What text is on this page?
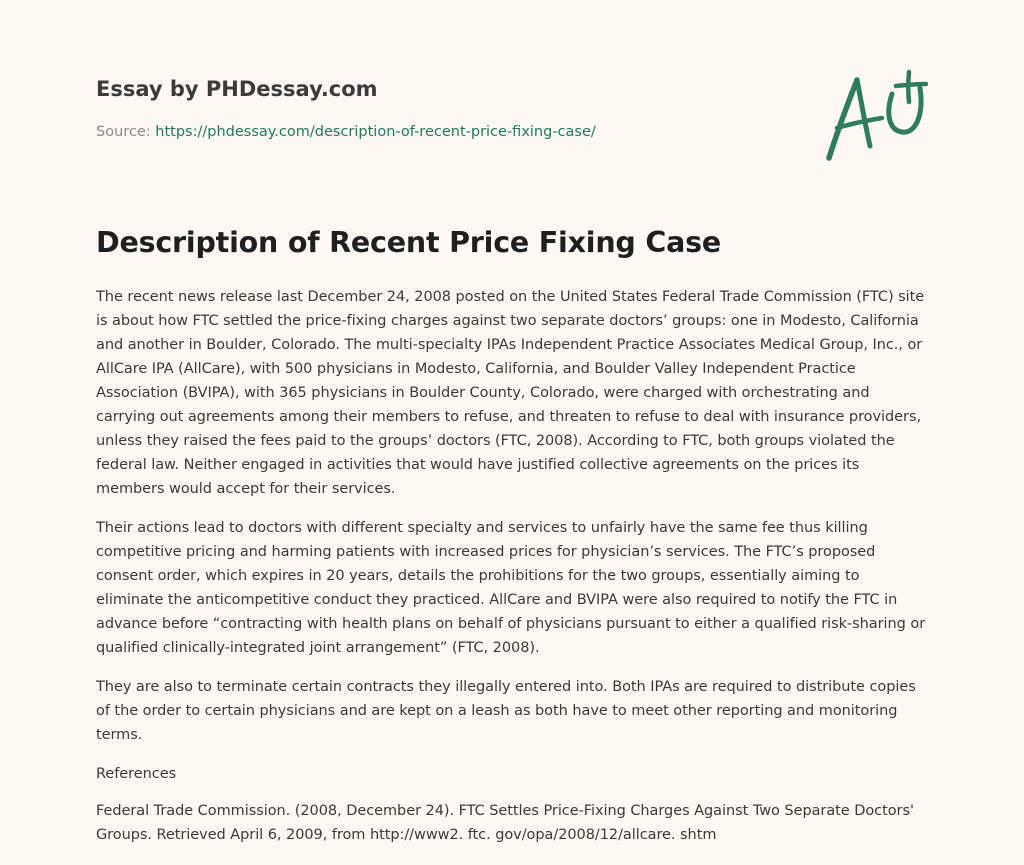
Essay by PHDessay.com
Source: https://phdessay.com/description-of-recent-price-fixing-case/
Description of Recent Price Fixing Case

The recent news release last December 24, 2008 posted on the United States Federal Trade Commission (FTC) site is about how FTC settled the price-fixing charges against two separate doctors’ groups: one in Modesto, California and another in Boulder, Colorado. The multi-specialty IPAs Independent Practice Associates Medical Group, Inc., or AllCare IPA (AllCare), with 500 physicians in Modesto, California, and Boulder Valley Independent Practice Association (BVIPA), with 365 physicians in Boulder County, Colorado, were charged with orchestrating and carrying out agreements among their members to refuse, and threaten to refuse to deal with insurance providers, unless they raised the fees paid to the groups’ doctors (FTC, 2008). According to FTC, both groups violated the federal law. Neither engaged in activities that would have justified collective agreements on the prices its members would accept for their services.

Their actions lead to doctors with different specialty and services to unfairly have the same fee thus killing competitive pricing and harming patients with increased prices for physician’s services. The FTC’s proposed consent order, which expires in 20 years, details the prohibitions for the two groups, essentially aiming to eliminate the anticompetitive conduct they practiced. AllCare and BVIPA were also required to notify the FTC in advance before “contracting with health plans on behalf of physicians pursuant to either a qualified risk-sharing or qualified clinically-integrated joint arrangement” (FTC, 2008).

They are also to terminate certain contracts they illegally entered into. Both IPAs are required to distribute copies of the order to certain physicians and are kept on a leash as both have to meet other reporting and monitoring terms.

References

Federal Trade Commission. (2008, December 24). FTC Settles Price-Fixing Charges Against Two Separate Doctors' Groups. Retrieved April 6, 2009, from http://www2. ftc. gov/opa/2008/12/allcare. shtm
